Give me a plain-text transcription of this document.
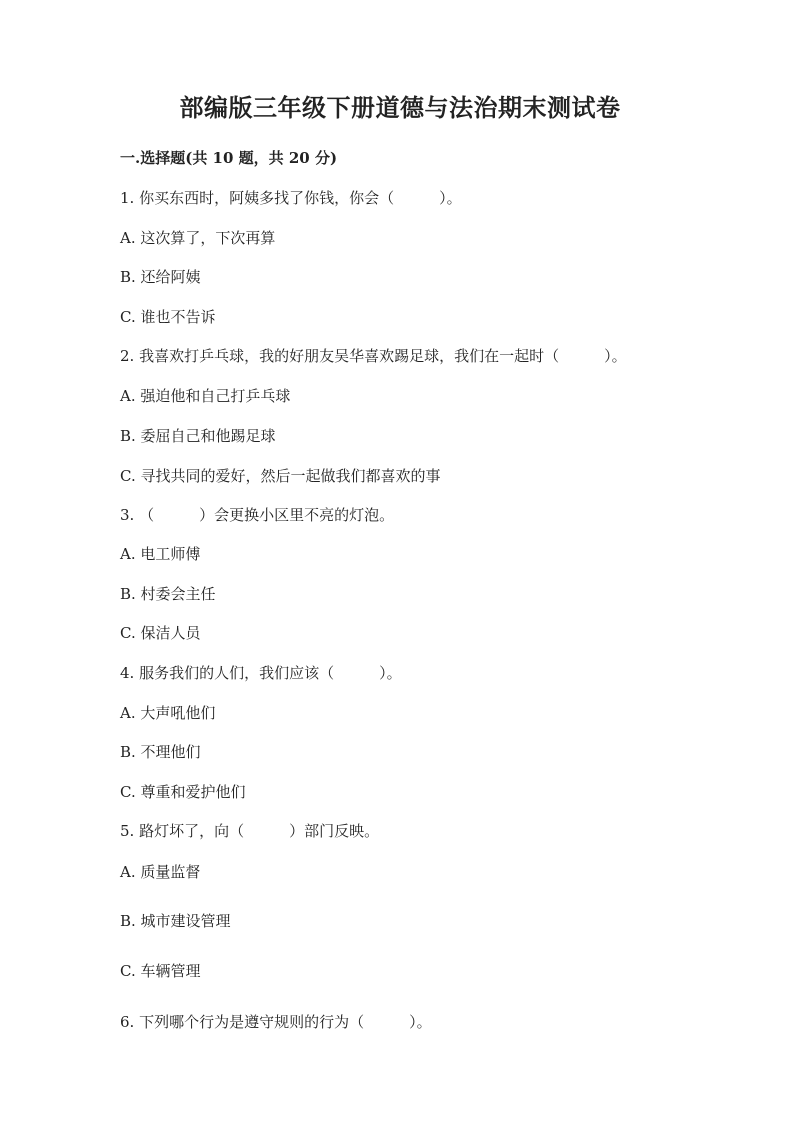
部编版三年级下册道德与法治期末测试卷
一.选择题(共 10 题，共 20 分)
1. 你买东西时，阿姨多找了你钱，你会（　　　）。
A. 这次算了，下次再算
B. 还给阿姨
C. 谁也不告诉
2. 我喜欢打乒乓球，我的好朋友吴华喜欢踢足球，我们在一起时（　　　）。
A. 强迫他和自己打乒乓球
B. 委屈自己和他踢足球
C. 寻找共同的爱好，然后一起做我们都喜欢的事
3. （　　　）会更换小区里不亮的灯泡。
A. 电工师傅
B. 村委会主任
C. 保洁人员
4. 服务我们的人们，我们应该（　　　）。
A. 大声吼他们
B. 不理他们
C. 尊重和爱护他们
5. 路灯坏了，向（　　　）部门反映。
A. 质量监督
B. 城市建设管理
C. 车辆管理
6. 下列哪个行为是遵守规则的行为（　　　）。
